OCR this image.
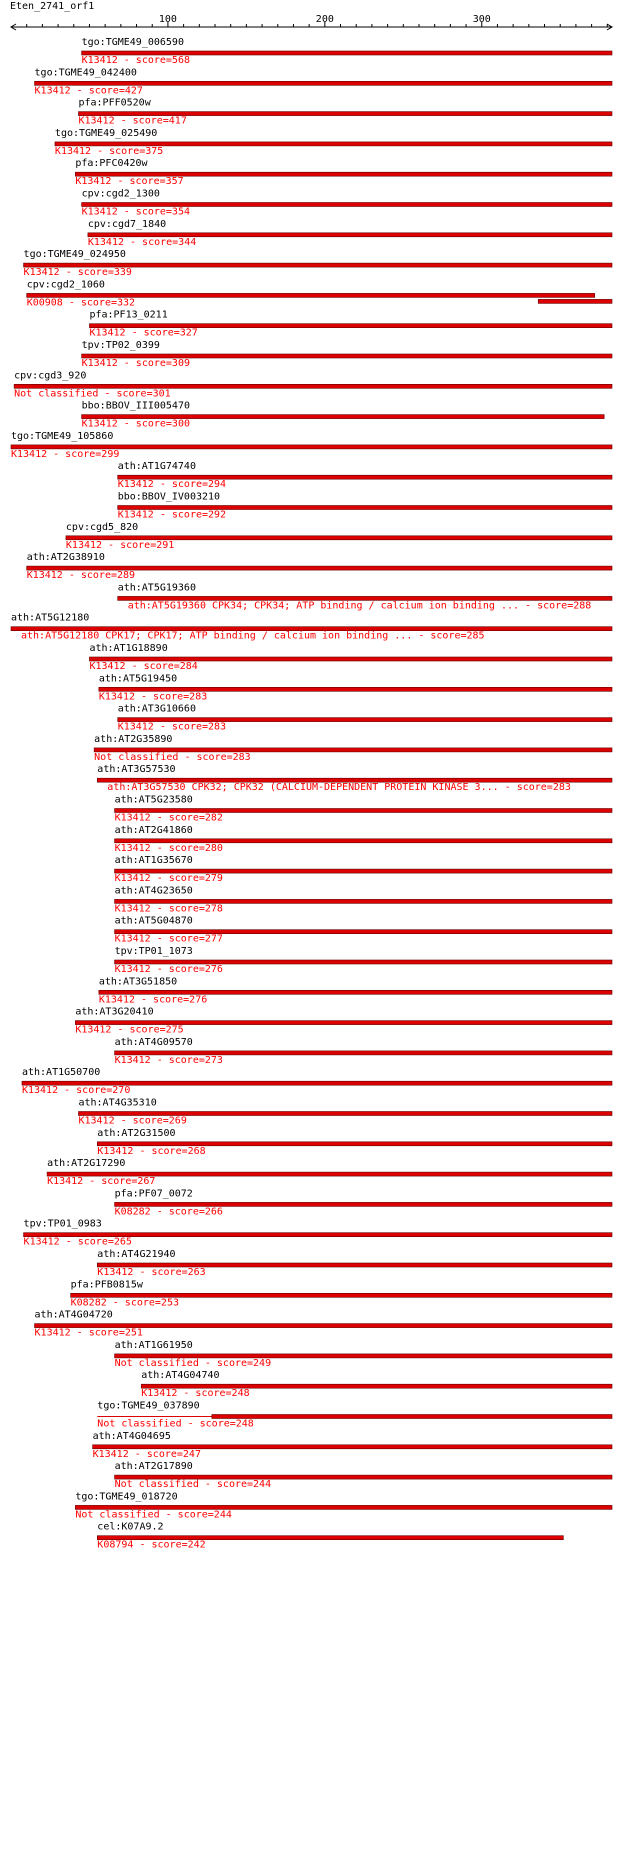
Eten_2741_orf1
100	200	300
tgo:TGME49_006590
K13412 - score=568
tgo:TGME49_042400
K13412 - score=427
pfa:PFF0520w
K13412 - score=417
tgo:TGME49_025490
K13412 - score=375
pfa:PFC0420w
K13412 - score=357
cpv:cgd2_1300
K13412 - score=354
cpv:cgd7_1840
K13412 - score=344
tgo:TGME49_024950
K13412 - score=339
cpv:cgd2_1060
K00908 - score=332
pfa:PF13_0211
K13412 - score=327
tpv:TP02_0399
K13412 - score=309
cpv:cgd3_920
Not classified - score=301
bbo:BBOV_III005470
K13412 - score=300
tgo:TGME49_105860
K13412 - score=299
ath:AT1G74740
K13412 - score=294
bbo:BBOV_IV003210
K13412 - score=292
cpv:cgd5_820
K13412 - score=291
ath:AT2G38910
K13412 - score=289
ath:AT5G19360
ath:AT5G19360 CPK34; CPK34; ATP binding / calcium ion binding ... - score=288
ath:AT5G12180
ath:AT5G12180 CPK17; CPK17; ATP binding / calcium ion binding ... - score=285
ath:AT1G18890
K13412 - score=284
ath:AT5G19450
K13412 - score=283
ath:AT3G10660
K13412 - score=283
ath:AT2G35890
Not classified - score=283
ath:AT3G57530
ath:AT3G57530 CPK32; CPK32 (CALCIUM-DEPENDENT PROTEIN KINASE 3... - score=283
ath:AT5G23580
K13412 - score=282
ath:AT2G41860
K13412 - score=280
ath:AT1G35670
K13412 - score=279
ath:AT4G23650
K13412 - score=278
ath:AT5G04870
K13412 - score=277
tpv:TP01_1073
K13412 - score=276
ath:AT3G51850
K13412 - score=276
ath:AT3G20410
K13412 - score=275
ath:AT4G09570
K13412 - score=273
ath:AT1G50700
K13412 - score=270
ath:AT4G35310
K13412 - score=269
ath:AT2G31500
K13412 - score=268
ath:AT2G17290
K13412 - score=267
pfa:PF07_0072
K08282 - score=266
tpv:TP01_0983
K13412 - score=265
ath:AT4G21940
K13412 - score=263
pfa:PFB0815w
K08282 - score=253
ath:AT4G04720
K13412 - score=251
ath:AT1G61950
Not classified - score=249
ath:AT4G04740
K13412 - score=248
tgo:TGME49_037890
Not classified - score=248
ath:AT4G04695
K13412 - score=247
ath:AT2G17890
Not classified - score=244
tgo:TGME49_018720
Not classified - score=244
cel:K07A9.2
K08794 - score=242
